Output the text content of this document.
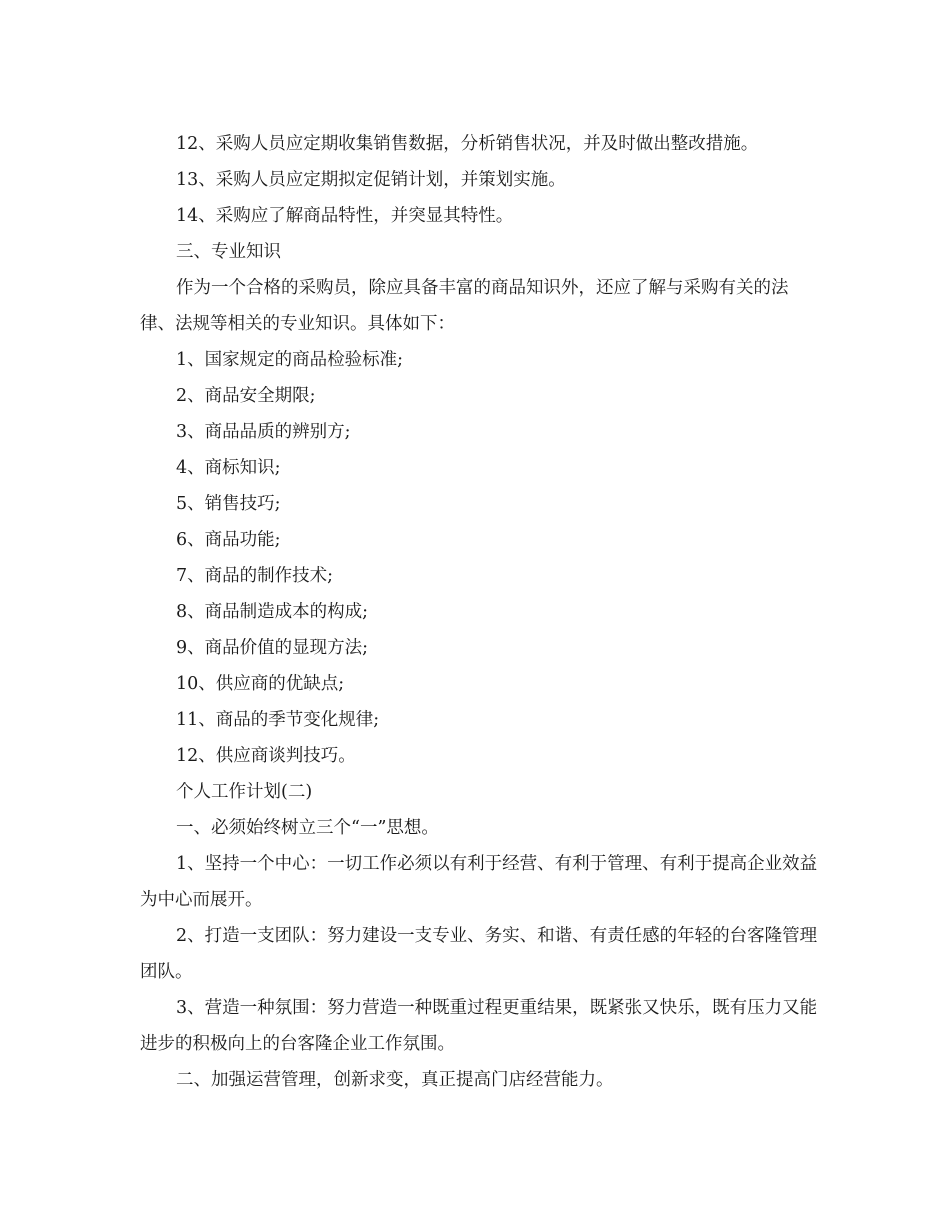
12、采购人员应定期收集销售数据，分析销售状况，并及时做出整改措施。

13、采购人员应定期拟定促销计划，并策划实施。

14、采购应了解商品特性，并突显其特性。

三、专业知识

作为一个合格的采购员，除应具备丰富的商品知识外，还应了解与采购有关的法律、法规等相关的专业知识。具体如下：

1、国家规定的商品检验标准;

2、商品安全期限;

3、商品品质的辨别方;

4、商标知识;

5、销售技巧;

6、商品功能;

7、商品的制作技术;

8、商品制造成本的构成;

9、商品价值的显现方法;

10、供应商的优缺点;

11、商品的季节变化规律;

12、供应商谈判技巧。

个人工作计划(二)

一、必须始终树立三个“一”思想。

1、坚持一个中心：一切工作必须以有利于经营、有利于管理、有利于提高企业效益为中心而展开。

2、打造一支团队：努力建设一支专业、务实、和谐、有责任感的年轻的台客隆管理团队。

3、营造一种氛围：努力营造一种既重过程更重结果，既紧张又快乐，既有压力又能进步的积极向上的台客隆企业工作氛围。

二、加强运营管理，创新求变，真正提高门店经营能力。
